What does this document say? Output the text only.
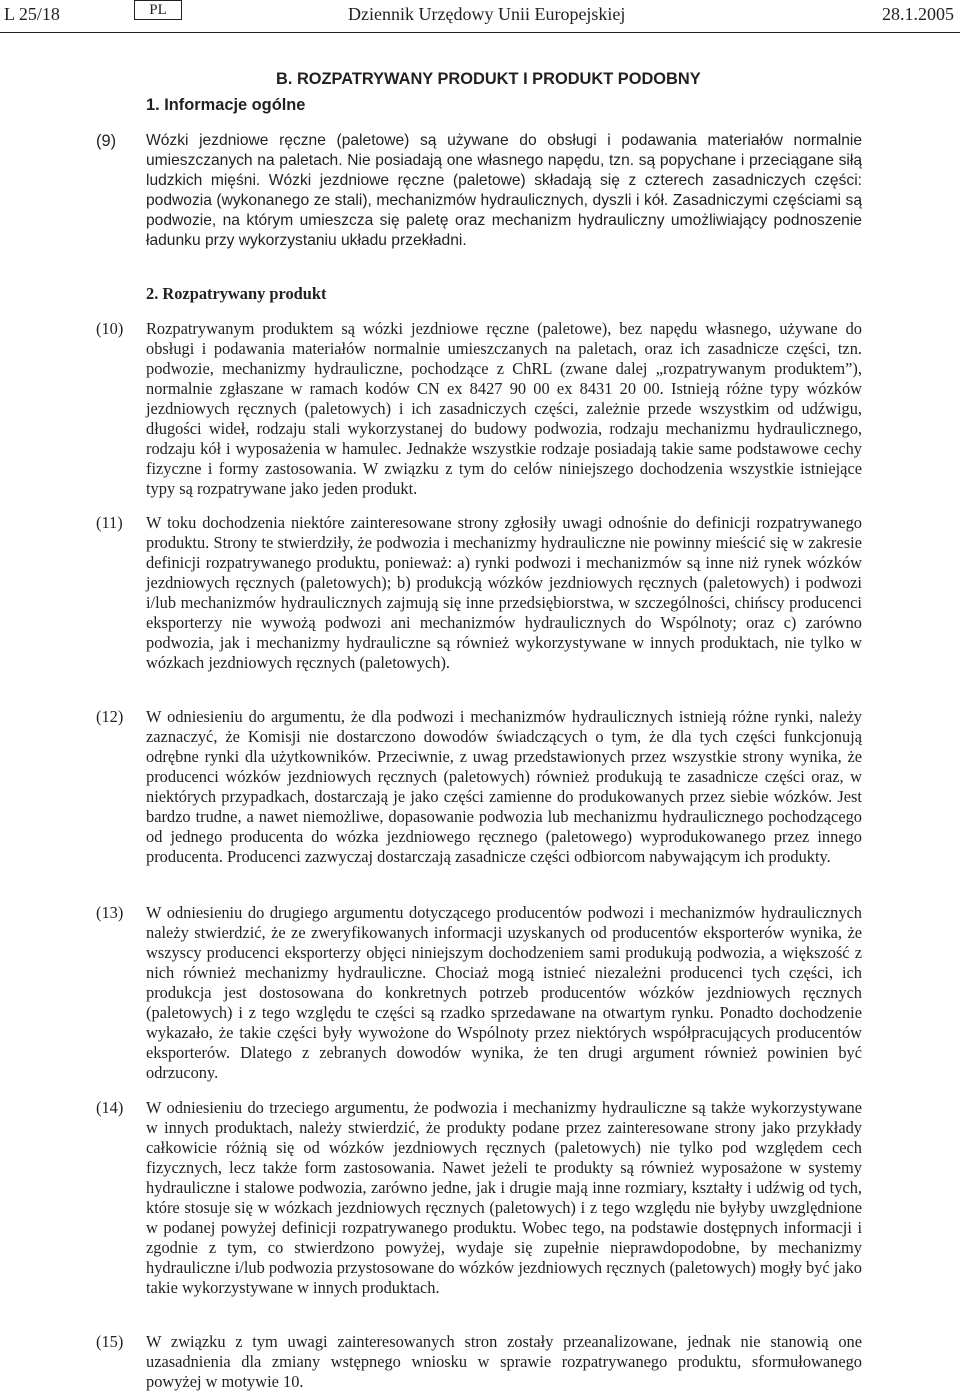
L 25/18	PL	Dziennik Urzędowy Unii Europejskiej	28.1.2005
B. ROZPATRYWANY PRODUKT I PRODUKT PODOBNY
1. Informacje ogólne
(9) Wózki jezdniowe ręczne (paletowe) są używane do obsługi i podawania materiałów normalnie umieszczanych na paletach. Nie posiadają one własnego napędu, tzn. są popychane i przeciągane siłą ludzkich mięśni. Wózki jezdniowe ręczne (paletowe) składają się z czterech zasadniczych części: podwozia (wykonanego ze stali), mechanizmów hydraulicznych, dyszli i kół. Zasadniczymi częściami są podwozie, na którym umieszcza się paletę oraz mechanizm hydrauliczny umożliwiający podnoszenie ładunku przy wykorzystaniu układu przekładni.

2. Rozpatrywany produkt
(10) Rozpatrywanym produktem są wózki jezdniowe ręczne (paletowe), bez napędu własnego, używane do obsługi i podawania materiałów normalnie umieszczanych na paletach, oraz ich zasadnicze części, tzn. podwozie, mechanizmy hydrauliczne, pochodzące z ChRL (zwane dalej „rozpatrywanym produktem”), normalnie zgłaszane w ramach kodów CN ex 8427 90 00 ex 8431 20 00. Istnieją różne typy wózków jezdniowych ręcznych (paletowych) i ich zasadniczych części, zależnie przede wszystkim od udźwigu, długości wideł, rodzaju stali wykorzystanej do budowy podwozia, rodzaju mechanizmu hydraulicznego, rodzaju kół i wyposażenia w hamulec. Jednakże wszystkie rodzaje posiadają takie same podstawowe cechy fizyczne i formy zastosowania. W związku z tym do celów niniejszego dochodzenia wszystkie istniejące typy są rozpatrywane jako jeden produkt.

(11) W toku dochodzenia niektóre zainteresowane strony zgłosiły uwagi odnośnie do definicji rozpatrywanego produktu. Strony te stwierdziły, że podwozia i mechanizmy hydrauliczne nie powinny mieścić się w zakresie definicji rozpatrywanego produktu, ponieważ: a) rynki podwozi i mechanizmów są inne niż rynek wózków jezdniowych ręcznych (paletowych); b) produkcją wózków jezdniowych ręcznych (paletowych) i podwozi i/lub mechanizmów hydraulicznych zajmują się inne przedsiębiorstwa, w szczególności, chińscy producenci eksporterzy nie wywożą podwozi ani mechanizmów hydraulicznych do Wspólnoty; oraz c) zarówno podwozia, jak i mechanizmy hydrauliczne są również wykorzystywane w innych produktach, nie tylko w wózkach jezdniowych ręcznych (paletowych).

(12) W odniesieniu do argumentu, że dla podwozi i mechanizmów hydraulicznych istnieją różne rynki, należy zaznaczyć, że Komisji nie dostarczono dowodów świadczących o tym, że dla tych części funkcjonują odrębne rynki dla użytkowników. Przeciwnie, z uwag przedstawionych przez wszystkie strony wynika, że producenci wózków jezdniowych ręcznych (paletowych) również produkują te zasadnicze części oraz, w niektórych przypadkach, dostarczają je jako części zamienne do produkowanych przez siebie wózków. Jest bardzo trudne, a nawet niemożliwe, dopasowanie podwozia lub mechanizmu hydraulicznego pochodzącego od jednego producenta do wózka jezdniowego ręcznego (paletowego) wyprodukowanego przez innego producenta. Producenci zazwyczaj dostarczają zasadnicze części odbiorcom nabywającym ich produkty.

(13) W odniesieniu do drugiego argumentu dotyczącego producentów podwozi i mechanizmów hydraulicznych należy stwierdzić, że ze zweryfikowanych informacji uzyskanych od producentów eksporterów wynika, że wszyscy producenci eksporterzy objęci niniejszym dochodzeniem sami produkują podwozia, a większość z nich również mechanizmy hydrauliczne. Chociaż mogą istnieć niezależni producenci tych części, ich produkcja jest dostosowana do konkretnych potrzeb producentów wózków jezdniowych ręcznych (paletowych) i z tego względu te części są rzadko sprzedawane na otwartym rynku. Ponadto dochodzenie wykazało, że takie części były wywożone do Wspólnoty przez niektórych współpracujących producentów eksporterów. Dlatego z zebranych dowodów wynika, że ten drugi argument również powinien być odrzucony.

(14) W odniesieniu do trzeciego argumentu, że podwozia i mechanizmy hydrauliczne są także wykorzystywane w innych produktach, należy stwierdzić, że produkty podane przez zainteresowane strony jako przykłady całkowicie różnią się od wózków jezdniowych ręcznych (paletowych) nie tylko pod względem cech fizycznych, lecz także form zastosowania. Nawet jeżeli te produkty są również wyposażone w systemy hydrauliczne i stalowe podwozia, zarówno jedne, jak i drugie mają inne rozmiary, kształty i udźwig od tych, które stosuje się w wózkach jezdniowych ręcznych (paletowych) i z tego względu nie byłyby uwzględnione w podanej powyżej definicji rozpatrywanego produktu. Wobec tego, na podstawie dostępnych informacji i zgodnie z tym, co stwierdzono powyżej, wydaje się zupełnie nieprawdopodobne, by mechanizmy hydrauliczne i/lub podwozia przystosowane do wózków jezdniowych ręcznych (paletowych) mogły być jako takie wykorzystywane w innych produktach.

(15) W związku z tym uwagi zainteresowanych stron zostały przeanalizowane, jednak nie stanowią one uzasadnienia dla zmiany wstępnego wniosku w sprawie rozpatrywanego produktu, sformułowanego powyżej w motywie 10.
